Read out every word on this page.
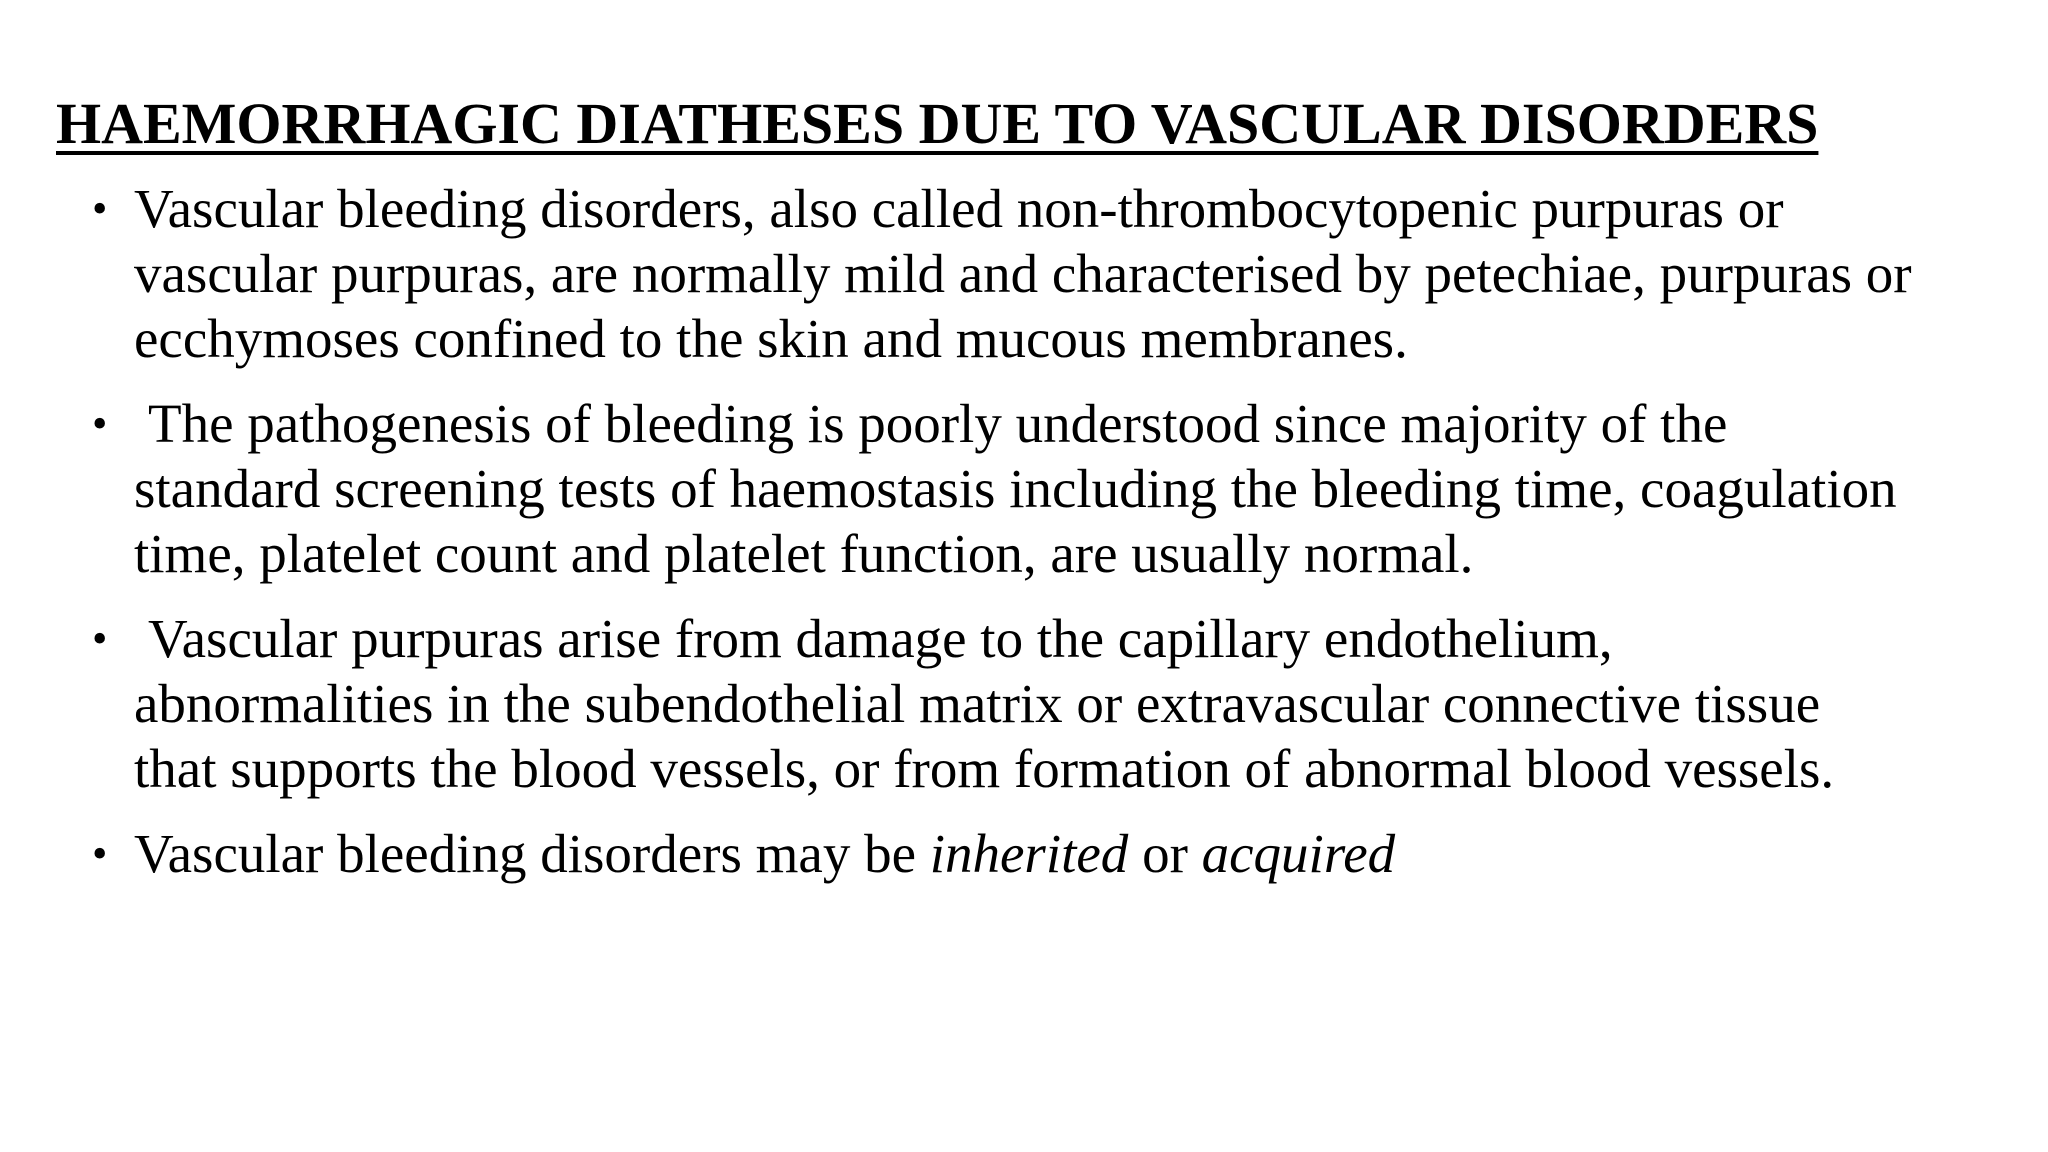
HAEMORRHAGIC DIATHESES DUE TO VASCULAR DISORDERS
• Vascular bleeding disorders, also called non-thrombocytopenic purpuras or vascular purpuras, are normally mild and characterised by petechiae, purpuras or ecchymoses confined to the skin and mucous membranes.
• The pathogenesis of bleeding is poorly understood since majority of the standard screening tests of haemostasis including the bleeding time, coagulation time, platelet count and platelet function, are usually normal.
• Vascular purpuras arise from damage to the capillary endothelium, abnormalities in the subendothelial matrix or extravascular connective tissue that supports the blood vessels, or from formation of abnormal blood vessels.
• Vascular bleeding disorders may be inherited or acquired
